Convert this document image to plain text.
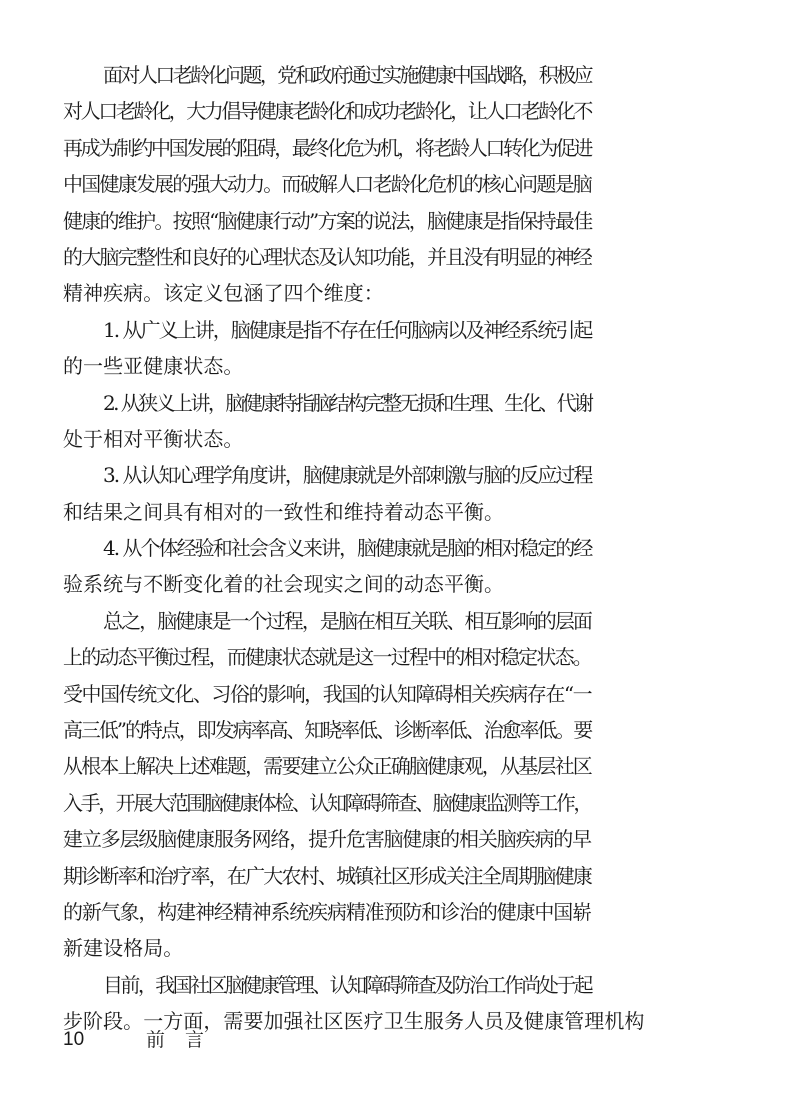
面对人口老龄化问题，党和政府通过实施健康中国战略，积极应
对人口老龄化，大力倡导健康老龄化和成功老龄化，让人口老龄化不
再成为制约中国发展的阻碍，最终化危为机，将老龄人口转化为促进
中国健康发展的强大动力。而破解人口老龄化危机的核心问题是脑
健康的维护。按照“脑健康行动”方案的说法，脑健康是指保持最佳
的大脑完整性和良好的心理状态及认知功能，并且没有明显的神经
精神疾病。该定义包涵了四个维度：
1. 从广义上讲，脑健康是指不存在任何脑病以及神经系统引起
的一些亚健康状态。
2. 从狭义上讲，脑健康特指脑结构完整无损和生理、生化、代谢
处于相对平衡状态。
3. 从认知心理学角度讲，脑健康就是外部刺激与脑的反应过程
和结果之间具有相对的一致性和维持着动态平衡。
4. 从个体经验和社会含义来讲，脑健康就是脑的相对稳定的经
验系统与不断变化着的社会现实之间的动态平衡。
总之，脑健康是一个过程，是脑在相互关联、相互影响的层面
上的动态平衡过程，而健康状态就是这一过程中的相对稳定状态。
受中国传统文化、习俗的影响，我国的认知障碍相关疾病存在“一
高三低”的特点，即发病率高、知晓率低、诊断率低、治愈率低。要
从根本上解决上述难题，需要建立公众正确脑健康观，从基层社区
入手，开展大范围脑健康体检、认知障碍筛查、脑健康监测等工作，
建立多层级脑健康服务网络，提升危害脑健康的相关脑疾病的早
期诊断率和治疗率，在广大农村、城镇社区形成关注全周期脑健康
的新气象，构建神经精神系统疾病精准预防和诊治的健康中国崭
新建设格局。
目前，我国社区脑健康管理、认知障碍筛查及防治工作尚处于起
步阶段。一方面，需要加强社区医疗卫生服务人员及健康管理机构
10	前言
